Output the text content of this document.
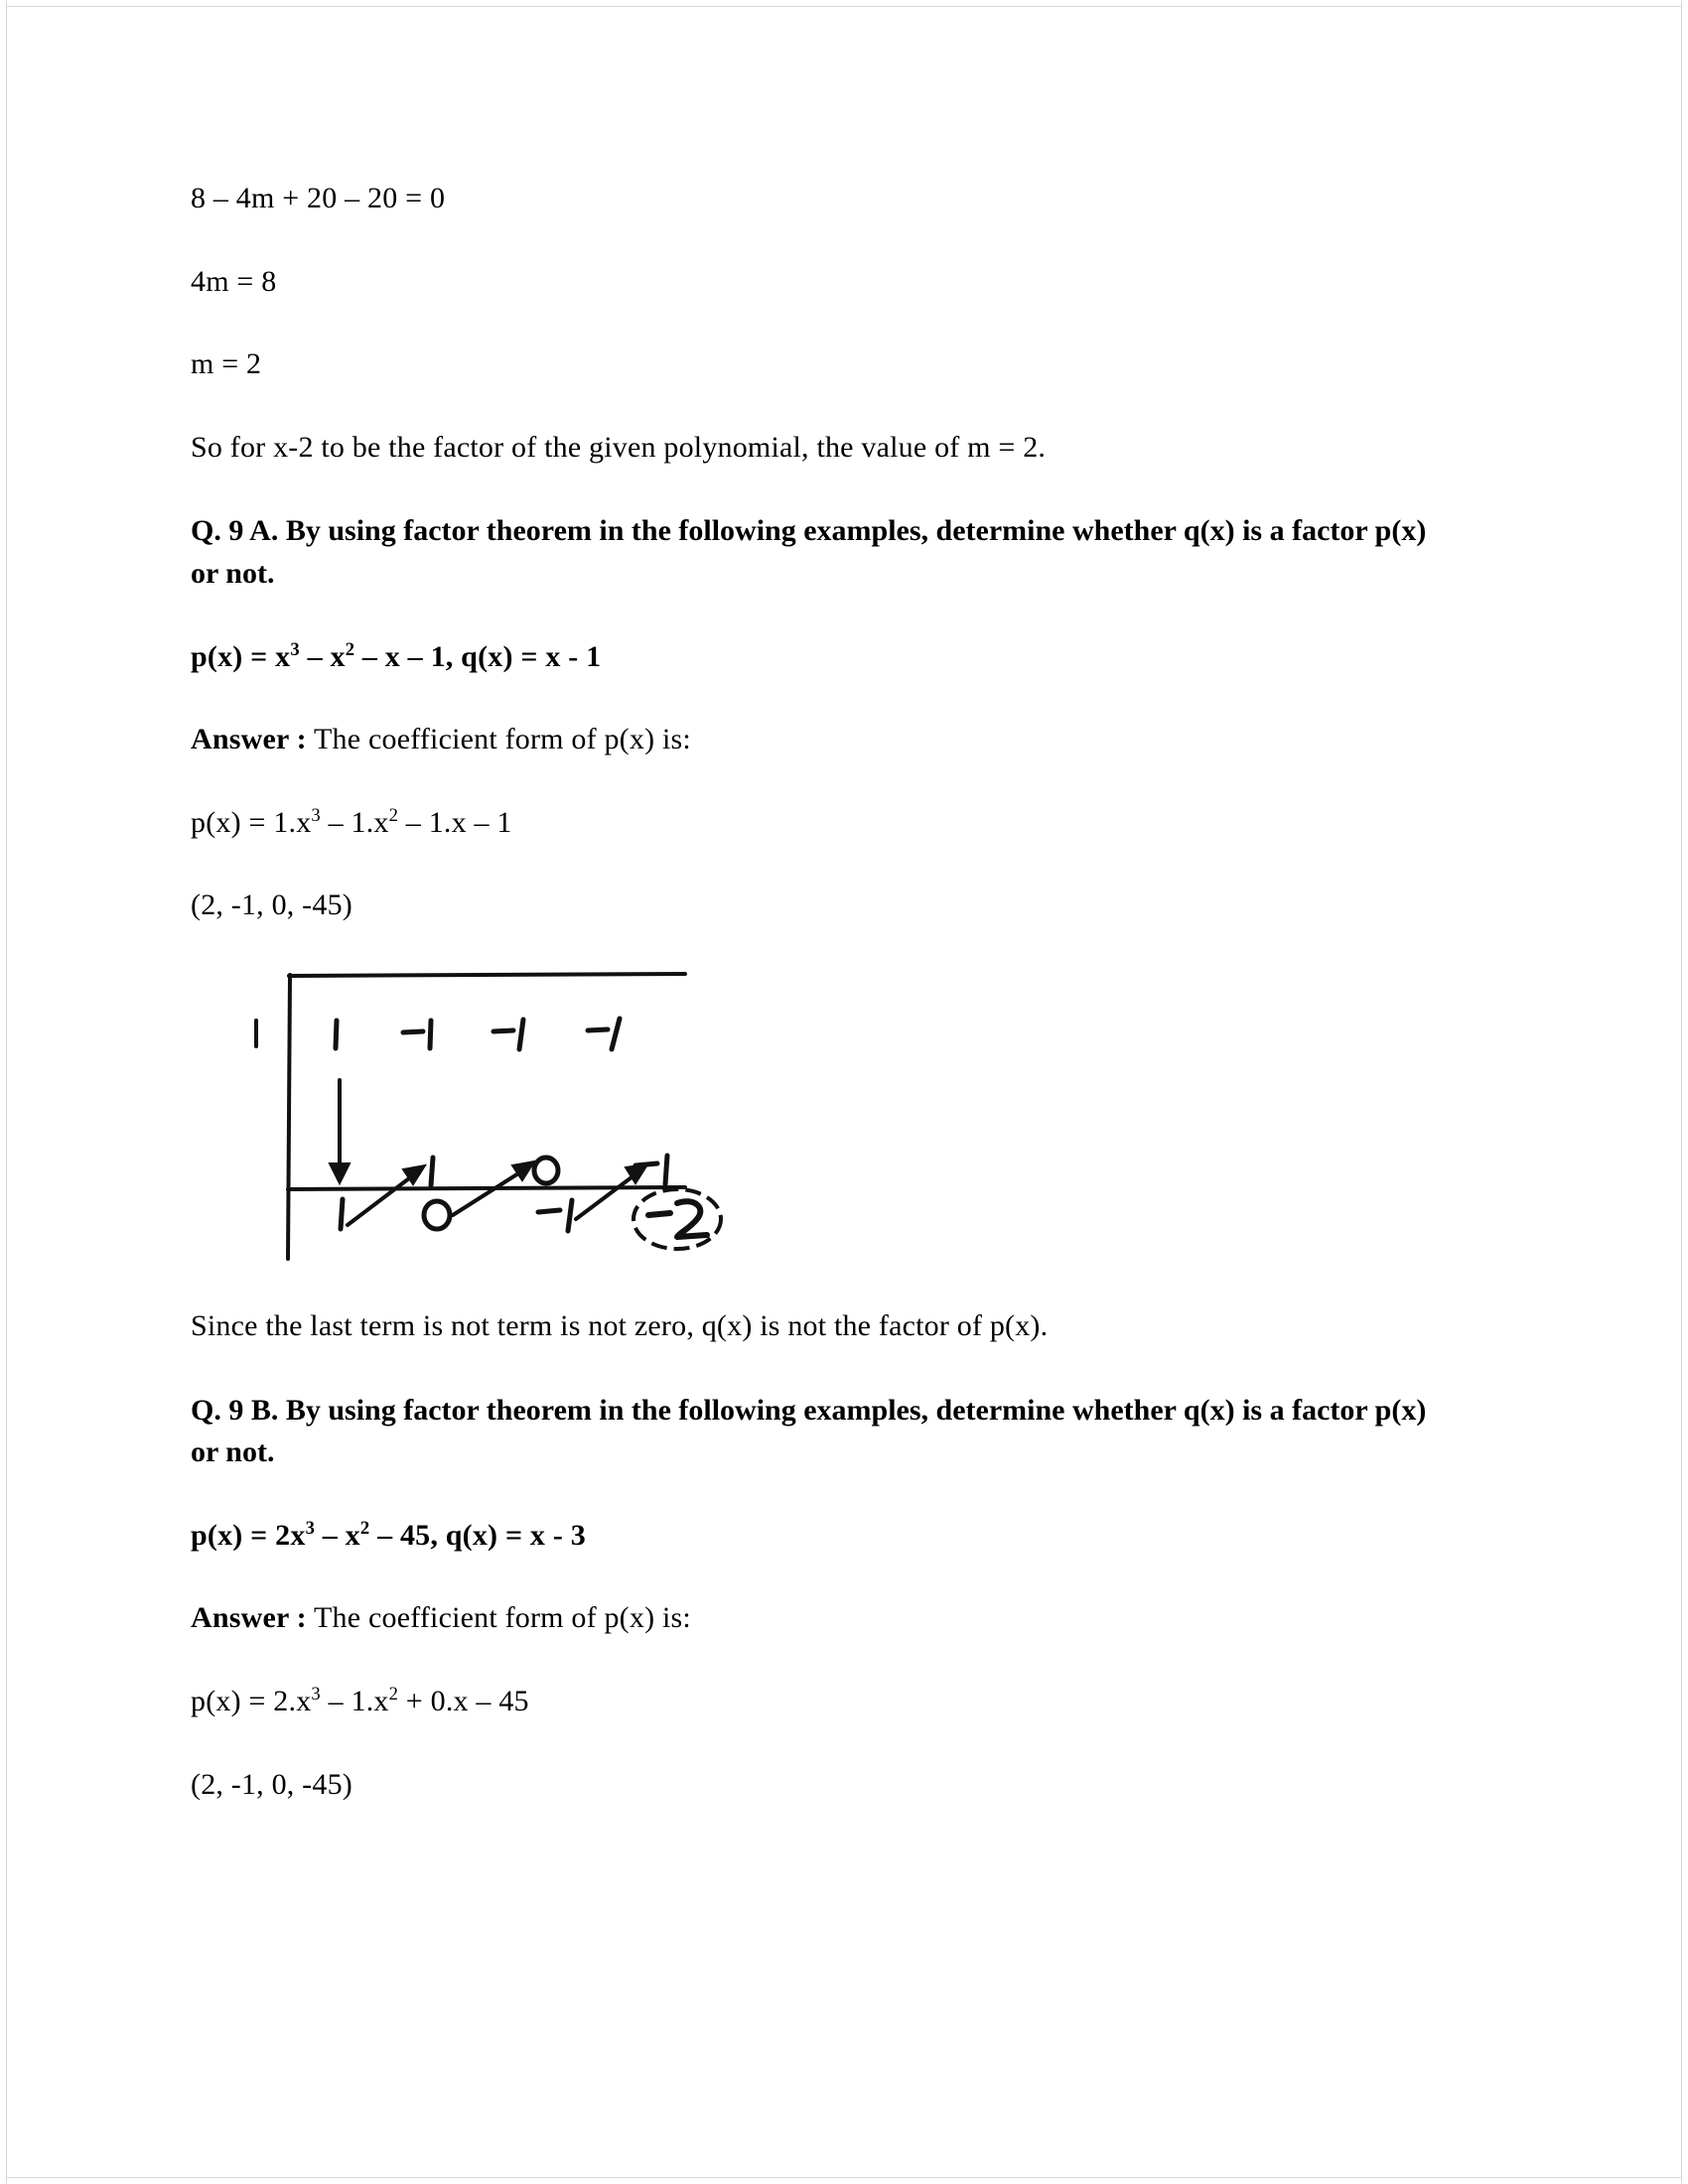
8 – 4m + 20 – 20 = 0

4m = 8

m = 2

So for x-2 to be the factor of the given polynomial, the value of m = 2.

Q. 9 A. By using factor theorem in the following examples, determine whether q(x) is a factor p(x) or not.

$p(x) = x^3 - x^2 - x - 1$, q(x) = x - 1

Answer : The coefficient form of p(x) is:

$p(x) = 1.x^3 - 1.x^2 - 1.x - 1$

(2, -1, 0, -45)

Since the last term is not term is not zero, q(x) is not the factor of p(x).

Q. 9 B. By using factor theorem in the following examples, determine whether q(x) is a factor p(x) or not.

$p(x) = 2x^3 - x^2 - 45$, q(x) = x - 3

Answer : The coefficient form of p(x) is:

$p(x) = 2.x^3 - 1.x^2 + 0.x - 45$

(2, -1, 0, -45)
